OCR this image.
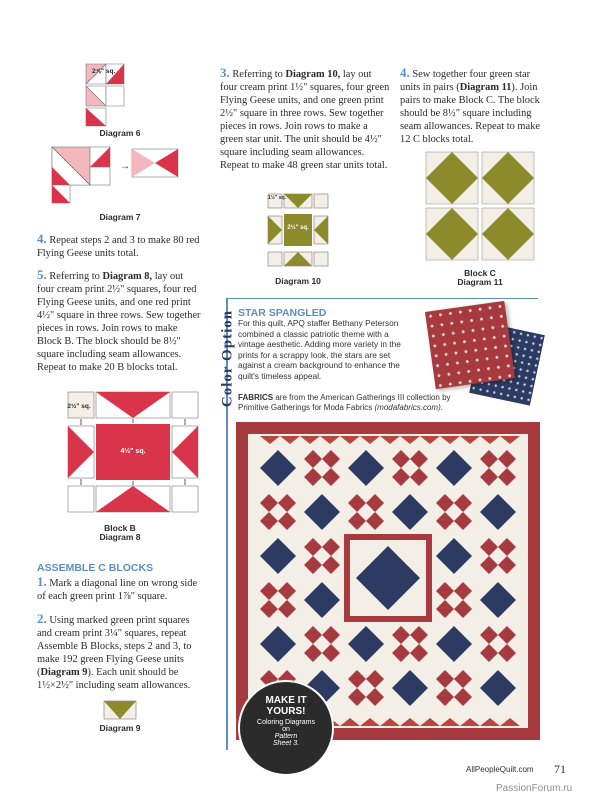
2⅞" sq.
Diagram 6
→
Diagram 7
4. Repeat steps 2 and 3 to make 80 red Flying Geese units total.
5. Referring to Diagram 8, lay out four cream print 2½" squares, four red Flying Geese units, and one red print 4½" square in three rows. Sew together pieces in rows. Join rows to make Block B. The block should be 8½" square including seam allowances. Repeat to make 20 B blocks total.
2½" sq.
4½" sq.
Block B
Diagram 8
ASSEMBLE C BLOCKS
1. Mark a diagonal line on wrong side of each green print 1⅞" square.
2. Using marked green print squares and cream print 3¼" squares, repeat Assemble B Blocks, steps 2 and 3, to make 192 green Flying Geese units (Diagram 9). Each unit should be 1½×2½" including seam allowances.
Diagram 9
3. Referring to Diagram 10, lay out four cream print 1½" squares, four green Flying Geese units, and one green print 2½" square in three rows. Sew together pieces in rows. Join rows to make a green star unit. The unit should be 4½" square including seam allowances. Repeat to make 48 green star units total.
1½" sq.
2½" sq.
Diagram 10
4. Sew together four green star units in pairs (Diagram 11). Join pairs to make Block C. The block should be 8½" square including seam allowances. Repeat to make 12 C blocks total.
Block C
Diagram 11
Color Option STAR SPANGLED
For this quilt, APQ staffer Bethany Peterson combined a classic patriotic theme with a vintage aesthetic. Adding more variety in the prints for a scrappy look, the stars are set against a cream background to enhance the quilt's timeless appeal.
FABRICS are from the American Gatherings III collection by Primitive Gatherings for Moda Fabrics (modafabrics.com).
MAKE IT
YOURS!
Coloring Diagrams
on
Pattern
Sheet 3.
AllPeopleQuilt.com 71
PassionForum.ru
